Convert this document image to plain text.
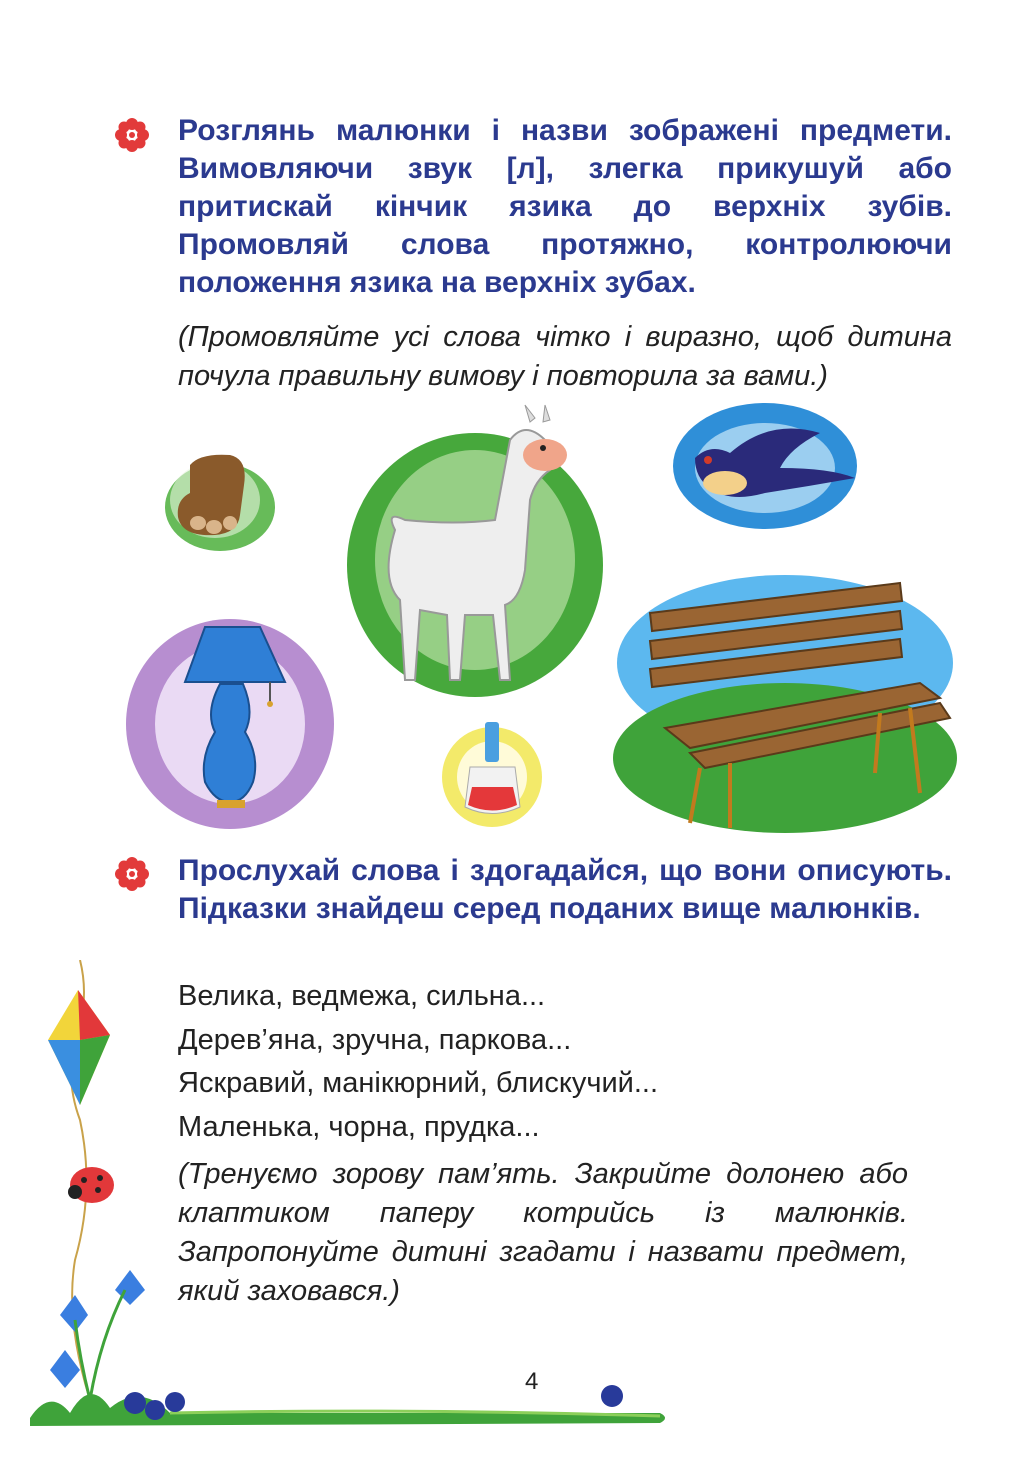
Розглянь малюнки і назви зображені предмети. Вимовляючи звук [л], злегка прикушуй або притискай кінчик язика до верхніх зубів. Промовляй слова протяжно, контролюючи положення язика на верхніх зубах.

(Промовляйте усі слова чітко і виразно, щоб дитина почула правильну вимову і повторила за вами.)

Прослухай слова і здогадайся, що вони описують. Підказки знайдеш серед поданих вище малюнків.

Велика, ведмежа, сильна...
Дерев’яна, зручна, паркова...
Яскравий, манікюрний, блискучий...
Маленька, чорна, прудка...

(Тренуємо зорову пам’ять. Закрийте долонею або клаптиком паперу котрийсь із малюнків. Запропонуйте дитині згадати і назвати предмет, який заховався.)

4
